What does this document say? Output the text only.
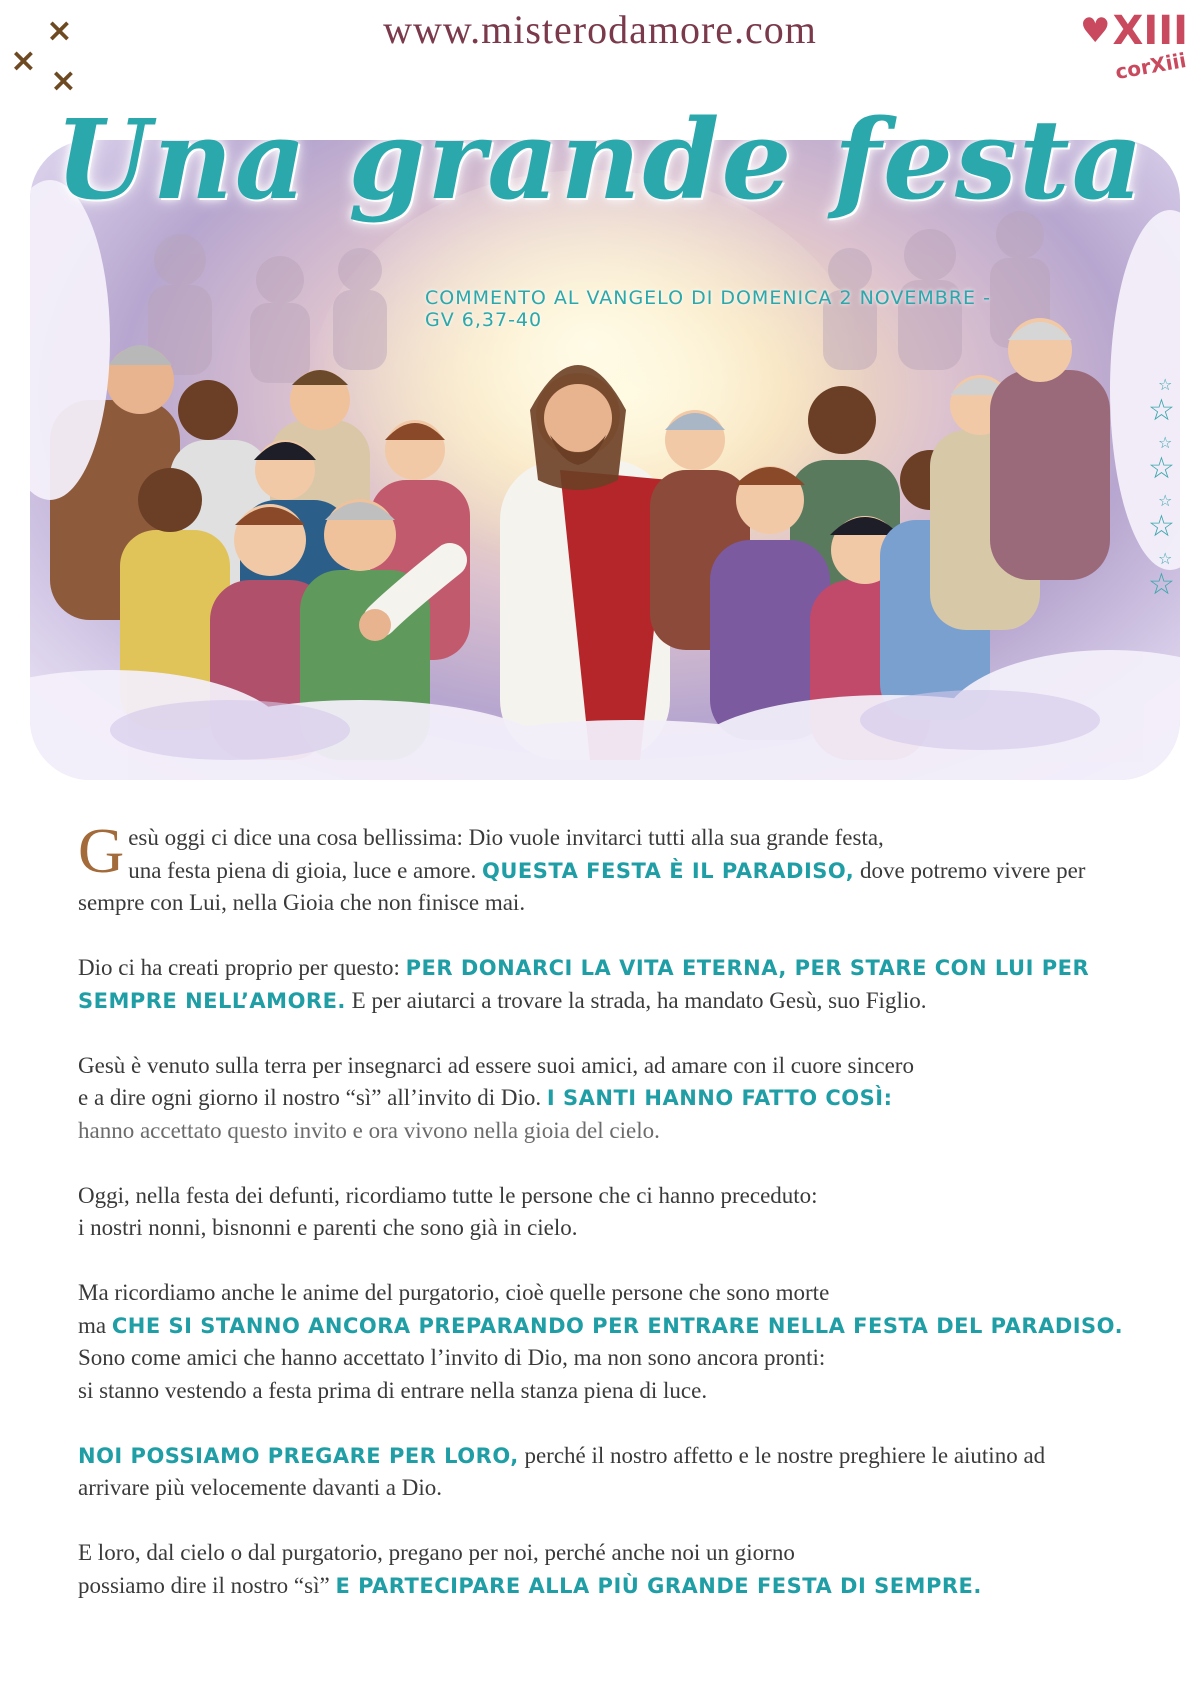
www.misterodamore.com
×
×
×
♥ XIII
corXiii
Una grande festa
COMMENTO AL VANGELO DI DOMENICA 2 NOVEMBRE - GV 6,37-40
☆
☆
☆
☆
☆
☆
☆
☆

Gesù oggi ci dice una cosa bellissima: Dio vuole invitarci tutti alla sua grande festa,
una festa piena di gioia, luce e amore. QUESTA FESTA È IL PARADISO, dove potremo vivere per
sempre con Lui, nella Gioia che non finisce mai.

Dio ci ha creati proprio per questo: PER DONARCI LA VITA ETERNA, PER STARE CON LUI PER
SEMPRE NELL’AMORE. E per aiutarci a trovare la strada, ha mandato Gesù, suo Figlio.

Gesù è venuto sulla terra per insegnarci ad essere suoi amici, ad amare con il cuore sincero
e a dire ogni giorno il nostro “sì” all’invito di Dio. I SANTI HANNO FATTO COSÌ:
hanno accettato questo invito e ora vivono nella gioia del cielo.

Oggi, nella festa dei defunti, ricordiamo tutte le persone che ci hanno preceduto:
i nostri nonni, bisnonni e parenti che sono già in cielo.

Ma ricordiamo anche le anime del purgatorio, cioè quelle persone che sono morte
ma CHE SI STANNO ANCORA PREPARANDO PER ENTRARE NELLA FESTA DEL PARADISO.
Sono come amici che hanno accettato l’invito di Dio, ma non sono ancora pronti:
si stanno vestendo a festa prima di entrare nella stanza piena di luce.

NOI POSSIAMO PREGARE PER LORO, perché il nostro affetto e le nostre preghiere le aiutino ad
arrivare più velocemente davanti a Dio.

E loro, dal cielo o dal purgatorio, pregano per noi, perché anche noi un giorno
possiamo dire il nostro “sì” E PARTECIPARE ALLA PIÙ GRANDE FESTA DI SEMPRE.
